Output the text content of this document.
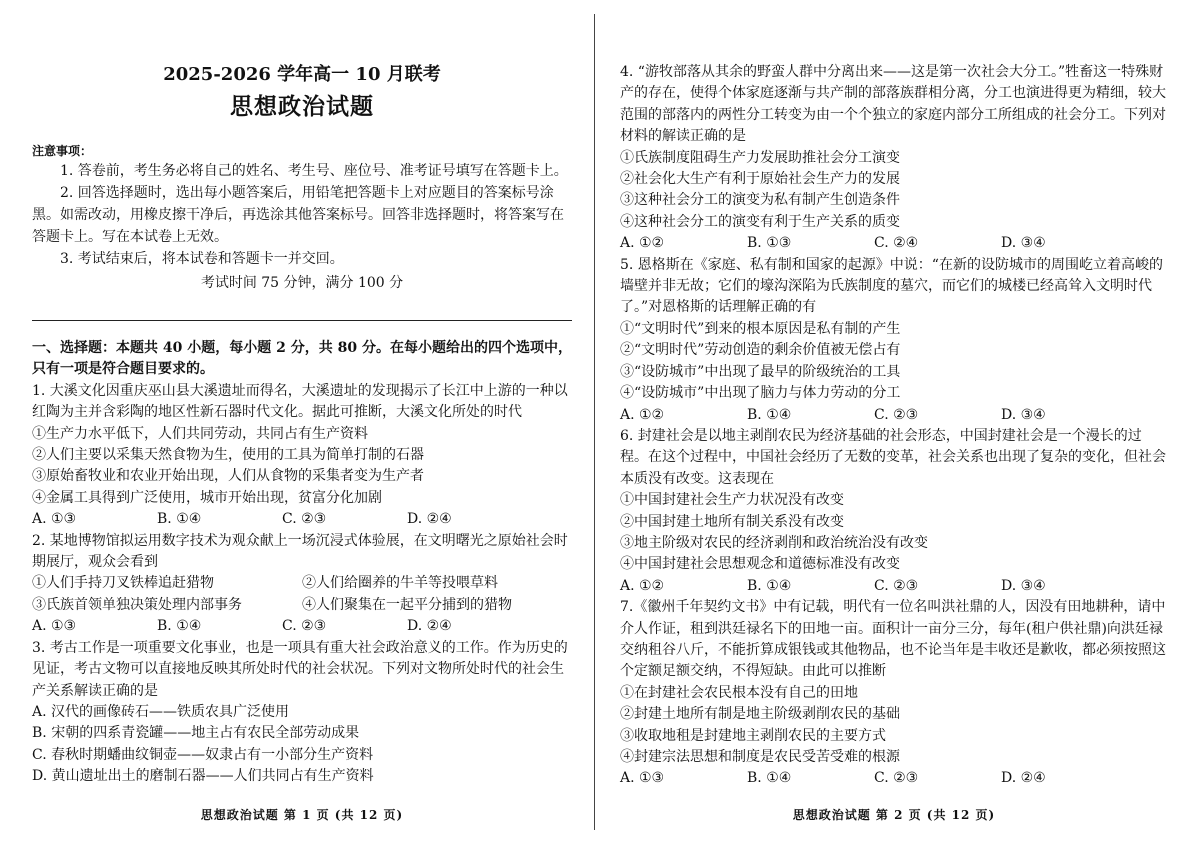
2025-2026 学年高一 10 月联考
思想政治试题
注意事项：
1. 答卷前，考生务必将自己的姓名、考生号、座位号、准考证号填写在答题卡上。
2. 回答选择题时，选出每小题答案后，用铅笔把答题卡上对应题目的答案标号涂黑。如需改动，用橡皮擦干净后，再选涂其他答案标号。回答非选择题时，将答案写在答题卡上。写在本试卷上无效。
3. 考试结束后，将本试卷和答题卡一并交回。
考试时间 75 分钟，满分 100 分
一、选择题：本题共 40 小题，每小题 2 分，共 80 分。在每小题给出的四个选项中，只有一项是符合题目要求的。
1. 大溪文化因重庆巫山县大溪遗址而得名，大溪遗址的发现揭示了长江中上游的一种以红陶为主并含彩陶的地区性新石器时代文化。据此可推断，大溪文化所处的时代
①生产力水平低下，人们共同劳动，共同占有生产资料
②人们主要以采集天然食物为生，使用的工具为简单打制的石器
③原始畜牧业和农业开始出现，人们从食物的采集者变为生产者
④金属工具得到广泛使用，城市开始出现，贫富分化加剧
A. ①③	B. ①④	C. ②③	D. ②④
2. 某地博物馆拟运用数字技术为观众献上一场沉浸式体验展，在文明曙光之原始社会时期展厅，观众会看到
①人们手持刀叉铁棒追赶猎物	②人们给圈养的牛羊等投喂草料
③氏族首领单独决策处理内部事务	④人们聚集在一起平分捕到的猎物
A. ①③	B. ①④	C. ②③	D. ②④
3. 考古工作是一项重要文化事业，也是一项具有重大社会政治意义的工作。作为历史的见证，考古文物可以直接地反映其所处时代的社会状况。下列对文物所处时代的社会生产关系解读正确的是
A. 汉代的画像砖石——铁质农具广泛使用
B. 宋朝的四系青瓷罐——地主占有农民全部劳动成果
C. 春秋时期蟠曲纹铜壶——奴隶占有一小部分生产资料
D. 黄山遗址出土的磨制石器——人们共同占有生产资料
思想政治试题 第 1 页 (共 12 页)
4. “游牧部落从其余的野蛮人群中分离出来——这是第一次社会大分工。”牲畜这一特殊财产的存在，使得个体家庭逐渐与共产制的部落族群相分离，分工也演进得更为精细，较大范围的部落内的两性分工转变为由一个个独立的家庭内部分工所组成的社会分工。下列对材料的解读正确的是
①氏族制度阻碍生产力发展助推社会分工演变
②社会化大生产有利于原始社会生产力的发展
③这种社会分工的演变为私有制产生创造条件
④这种社会分工的演变有利于生产关系的质变
A. ①②	B. ①③	C. ②④	D. ③④
5. 恩格斯在《家庭、私有制和国家的起源》中说：“在新的设防城市的周围屹立着高峻的墙壁并非无故；它们的壕沟深陷为氏族制度的墓穴，而它们的城楼已经高耸入文明时代了。”对恩格斯的话理解正确的有
①“文明时代”到来的根本原因是私有制的产生
②“文明时代”劳动创造的剩余价值被无偿占有
③“设防城市”中出现了最早的阶级统治的工具
④“设防城市”中出现了脑力与体力劳动的分工
A. ①②	B. ①④	C. ②③	D. ③④
6. 封建社会是以地主剥削农民为经济基础的社会形态，中国封建社会是一个漫长的过程。在这个过程中，中国社会经历了无数的变革，社会关系也出现了复杂的变化，但社会本质没有改变。这表现在
①中国封建社会生产力状况没有改变
②中国封建土地所有制关系没有改变
③地主阶级对农民的经济剥削和政治统治没有改变
④中国封建社会思想观念和道德标准没有改变
A. ①②	B. ①④	C. ②③	D. ③④
7.《徽州千年契约文书》中有记载，明代有一位名叫洪社鼎的人，因没有田地耕种，请中介人作证，租到洪廷禄名下的田地一亩。面积计一亩分三分，每年(租户供社鼎)向洪廷禄交纳租谷八斤，不能折算成银钱或其他物品，也不论当年是丰收还是歉收，都必须按照这个定额足额交纳，不得短缺。由此可以推断
①在封建社会农民根本没有自己的田地
②封建土地所有制是地主阶级剥削农民的基础
③收取地租是封建地主剥削农民的主要方式
④封建宗法思想和制度是农民受苦受难的根源
A. ①③	B. ①④	C. ②③	D. ②④
思想政治试题 第 2 页 (共 12 页)
